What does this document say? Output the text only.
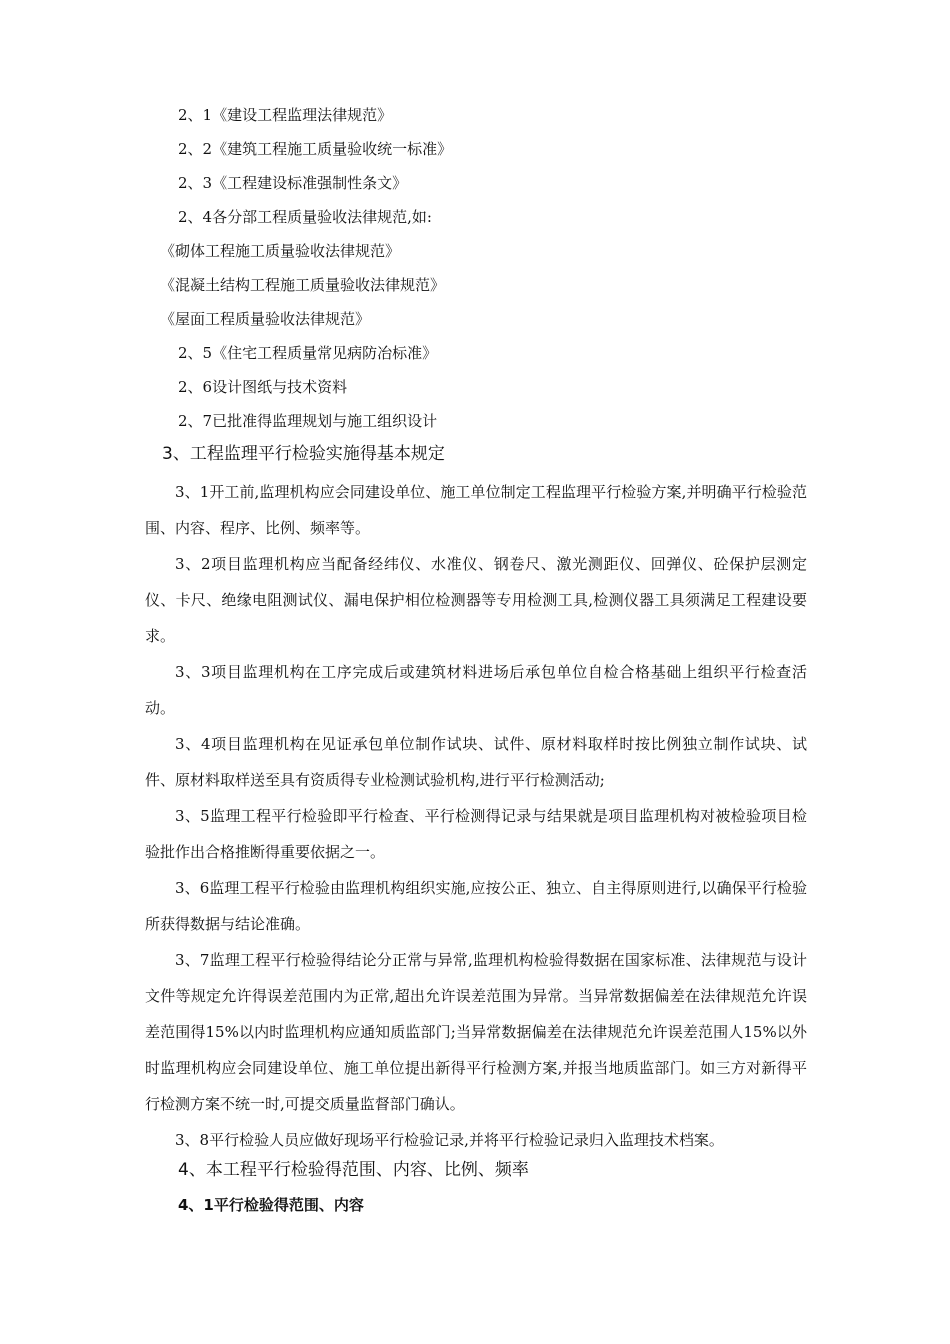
2、1《建设工程监理法律规范》
2、2《建筑工程施工质量验收统一标准》
2、3《工程建设标准强制性条文》
2、4各分部工程质量验收法律规范,如:
《砌体工程施工质量验收法律规范》
《混凝土结构工程施工质量验收法律规范》
《屋面工程质量验收法律规范》
2、5《住宅工程质量常见病防冶标准》
2、6设计图纸与技术资料
2、7已批准得监理规划与施工组织设计
3、工程监理平行检验实施得基本规定

3、1开工前,监理机构应会同建设单位、施工单位制定工程监理平行检验方案,并明确平行检验范围、内容、程序、比例、频率等。

3、2项目监理机构应当配备经纬仪、水准仪、钢卷尺、激光测距仪、回弹仪、砼保护层测定仪、卡尺、绝缘电阻测试仪、漏电保护相位检测器等专用检测工具,检测仪器工具须满足工程建设要求。

3、3项目监理机构在工序完成后或建筑材料进场后承包单位自检合格基础上组织平行检查活动。

3、4项目监理机构在见证承包单位制作试块、试件、原材料取样时按比例独立制作试块、试件、原材料取样送至具有资质得专业检测试验机构,进行平行检测活动;

3、5监理工程平行检验即平行检查、平行检测得记录与结果就是项目监理机构对被检验项目检验批作出合格推断得重要依据之一。

3、6监理工程平行检验由监理机构组织实施,应按公正、独立、自主得原则进行,以确保平行检验所获得数据与结论准确。

3、7监理工程平行检验得结论分正常与异常,监理机构检验得数据在国家标准、法律规范与设计文件等规定允许得误差范围内为正常,超出允许误差范围为异常。当异常数据偏差在法律规范允许误差范围得15%以内时监理机构应通知质监部门;当异常数据偏差在法律规范允许误差范围人15%以外时监理机构应会同建设单位、施工单位提出新得平行检测方案,并报当地质监部门。如三方对新得平行检测方案不统一时,可提交质量监督部门确认。

3、8平行检验人员应做好现场平行检验记录,并将平行检验记录归入监理技术档案。

4、本工程平行检验得范围、内容、比例、频率
4、1平行检验得范围、内容
